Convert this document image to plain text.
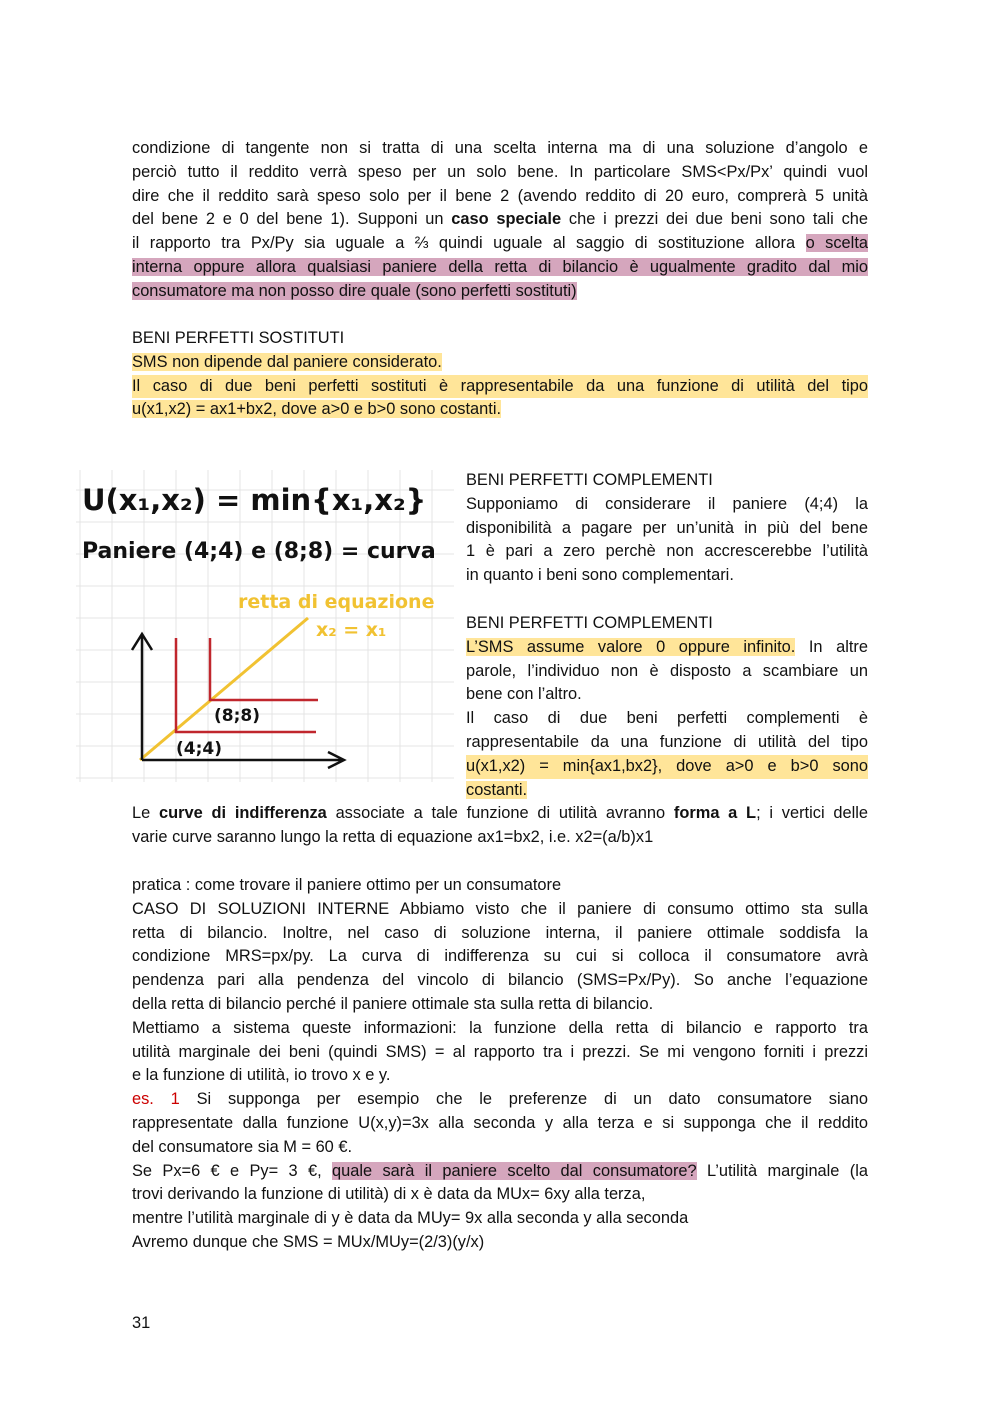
condizione di tangente non si tratta di una scelta interna ma di una soluzione d’angolo e
perciò tutto il reddito verrà speso per un solo bene. In particolare SMS<Px/Px’ quindi vuol
dire che il reddito sarà speso solo per il bene 2 (avendo reddito di 20 euro, comprerà 5 unità
del bene 2 e 0 del bene 1). Supponi un caso speciale che i prezzi dei due beni sono tali che
il rapporto tra Px/Py sia uguale a ⅔ quindi uguale al saggio di sostituzione allora o scelta
interna oppure allora qualsiasi paniere della retta di bilancio è ugualmente gradito dal mio
consumatore ma non posso dire quale (sono perfetti sostituti)
BENI PERFETTI SOSTITUTI
SMS non dipende dal paniere considerato.
Il caso di due beni perfetti sostituti è rappresentabile da una funzione di utilità del tipo
u(x1,x2) = ax1+bx2, dove a>0 e b>0 sono costanti.
U(x₁,x₂) = min{x₁,x₂}
Paniere (4;4) e (8;8) = curva
retta di equazione
x₂ = x₁
(8;8)
(4;4)
BENI PERFETTI COMPLEMENTI
Supponiamo di considerare il paniere (4;4) la
disponibilità a pagare per un’unità in più del bene
1 è pari a zero perchè non accrescerebbe l’utilità
in quanto i beni sono complementari.
BENI PERFETTI COMPLEMENTI
L’SMS assume valore 0 oppure infinito. In altre
parole, l’individuo non è disposto a scambiare un
bene con l’altro.
Il caso di due beni perfetti complementi è
rappresentabile da una funzione di utilità del tipo
u(x1,x2) = min{ax1,bx2}, dove a>0 e b>0 sono
costanti.
Le curve di indifferenza associate a tale funzione di utilità avranno forma a L; i vertici delle
varie curve saranno lungo la retta di equazione ax1=bx2, i.e. x2=(a/b)x1
pratica : come trovare il paniere ottimo per un consumatore
CASO DI SOLUZIONI INTERNE Abbiamo visto che il paniere di consumo ottimo sta sulla
retta di bilancio. Inoltre, nel caso di soluzione interna, il paniere ottimale soddisfa la
condizione MRS=px/py. La curva di indifferenza su cui si colloca il consumatore avrà
pendenza pari alla pendenza del vincolo di bilancio (SMS=Px/Py). So anche l’equazione
della retta di bilancio perché il paniere ottimale sta sulla retta di bilancio.
Mettiamo a sistema queste informazioni: la funzione della retta di bilancio e rapporto tra
utilità marginale dei beni (quindi SMS) = al rapporto tra i prezzi. Se mi vengono forniti i prezzi
e la funzione di utilità, io trovo x e y.
es. 1 Si supponga per esempio che le preferenze di un dato consumatore siano
rappresentate dalla funzione U(x,y)=3x alla seconda y alla terza e si supponga che il reddito
del consumatore sia M = 60 €.
Se Px=6 € e Py= 3 €, quale sarà il paniere scelto dal consumatore? L’utilità marginale (la
trovi derivando la funzione di utilità) di x è data da MUx= 6xy alla terza,
mentre l’utilità marginale di y è data da MUy= 9x alla seconda y alla seconda
Avremo dunque che SMS = MUx/MUy=(2/3)(y/x)
31
